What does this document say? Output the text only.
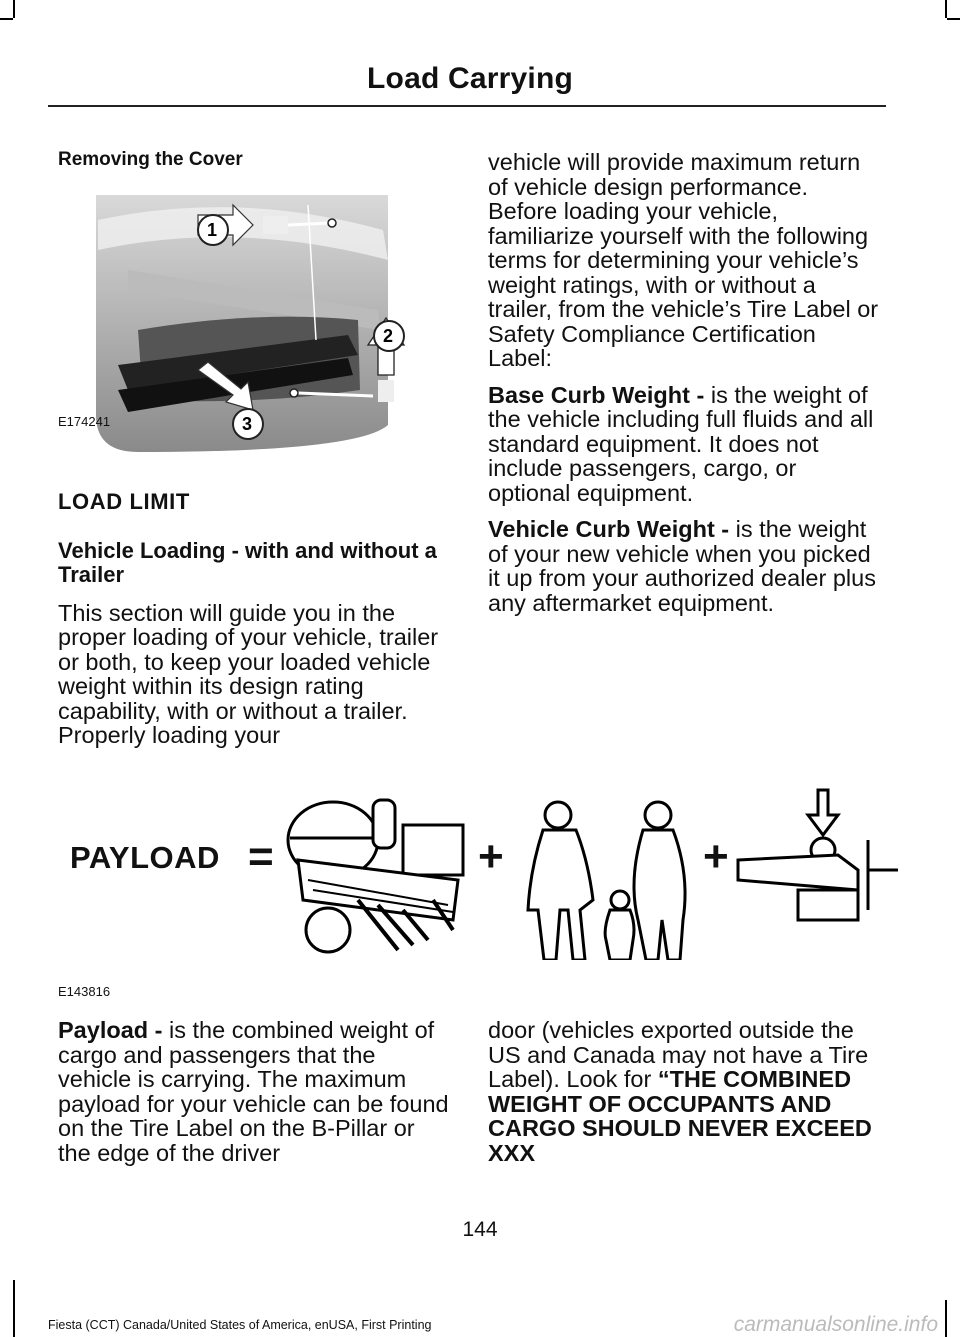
Load Carrying
Removing the Cover
1
2
3
E174241

LOAD LIMIT

Vehicle Loading - with and without a Trailer

This section will guide you in the proper loading of your vehicle, trailer or both, to keep your loaded vehicle weight within its design rating capability, with or without a trailer. Properly loading your

vehicle will provide maximum return of vehicle design performance. Before loading your vehicle, familiarize yourself with the following terms for determining your vehicle’s weight ratings, with or without a trailer, from the vehicle’s Tire Label or Safety Compliance Certification Label:

Base Curb Weight - is the weight of the vehicle including full fluids and all standard equipment. It does not include passengers, cargo, or optional equipment.

Vehicle Curb Weight - is the weight of your new vehicle when you picked it up from your authorized dealer plus any aftermarket equipment.

PAYLOAD =	+	+
E143816

Payload - is the combined weight of cargo and passengers that the vehicle is carrying. The maximum payload for your vehicle can be found on the Tire Label on the B-Pillar or the edge of the driver

door (vehicles exported outside the US and Canada may not have a Tire Label). Look for “THE COMBINED WEIGHT OF OCCUPANTS AND CARGO SHOULD NEVER EXCEED XXX

144
Fiesta (CCT) Canada/United States of America, enUSA, First Printing	carmanualsonline.info
